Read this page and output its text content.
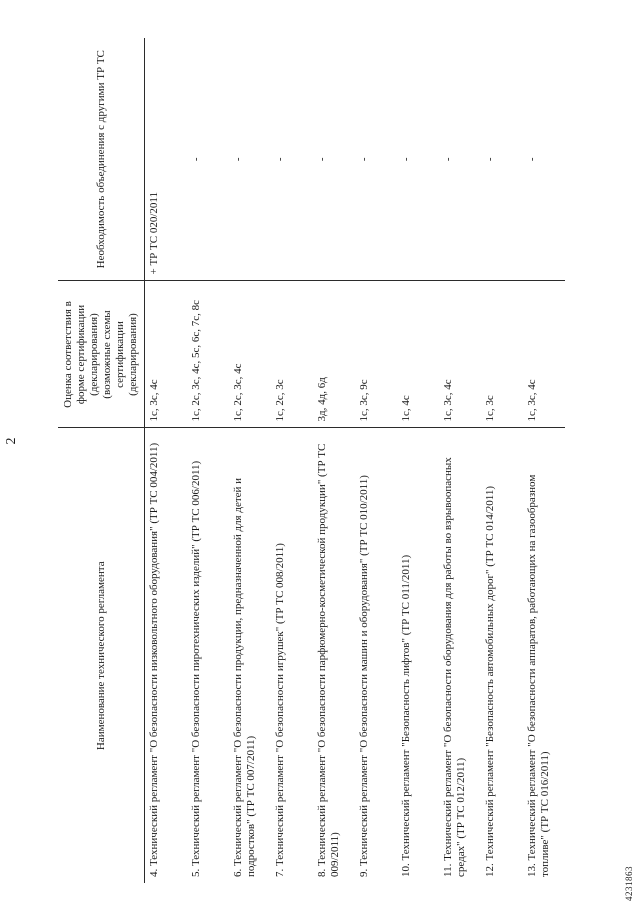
2
Наименование технического регламента	Оценка соответствия в форме сертификации (декларирования) (возможные схемы сертификации (декларирования)	Необходимость объединения с другими ТР ТС
4. Технический регламент "О безопасности низковольтного оборудования" (ТР ТС 004/2011)	1с, 3с, 4с	+ ТР ТС 020/2011
5. Технический регламент "О безопасности пиротехнических изделий" (ТР ТС 006/2011)	1с, 2с, 3с, 4с, 5с, 6с, 7с, 8с	-
6. Технический регламент "О безопасности продукции, предназначенной для детей и подростков" (ТР ТС 007/2011)	1с, 2с, 3с, 4с	-
7. Технический регламент "О безопасности игрушек" (ТР ТС 008/2011)	1с, 2с, 3с	-
8. Технический регламент "О безопасности парфюмерно-косметической продукции" (ТР ТС 009/2011)	3д, 4д, 6д	-
9. Технический регламент "О безопасности машин и оборудования" (ТР ТС 010/2011)	1с, 3с, 9с	-
10. Технический регламент "Безопасность лифтов" (ТР ТС 011/2011)	1с, 4с	-
11. Технический регламент "О безопасности оборудования для работы во взрывоопасных средах" (ТР ТС 012/2011)	1с, 3с, 4с	-
12. Технический регламент "Безопасность автомобильных дорог" (ТР ТС 014/2011)	1с, 3с	-
13. Технический регламент "О безопасности аппаратов, работающих на газообразном топливе" (ТР ТС 016/2011)	1с, 3с, 4с	-
4231863
